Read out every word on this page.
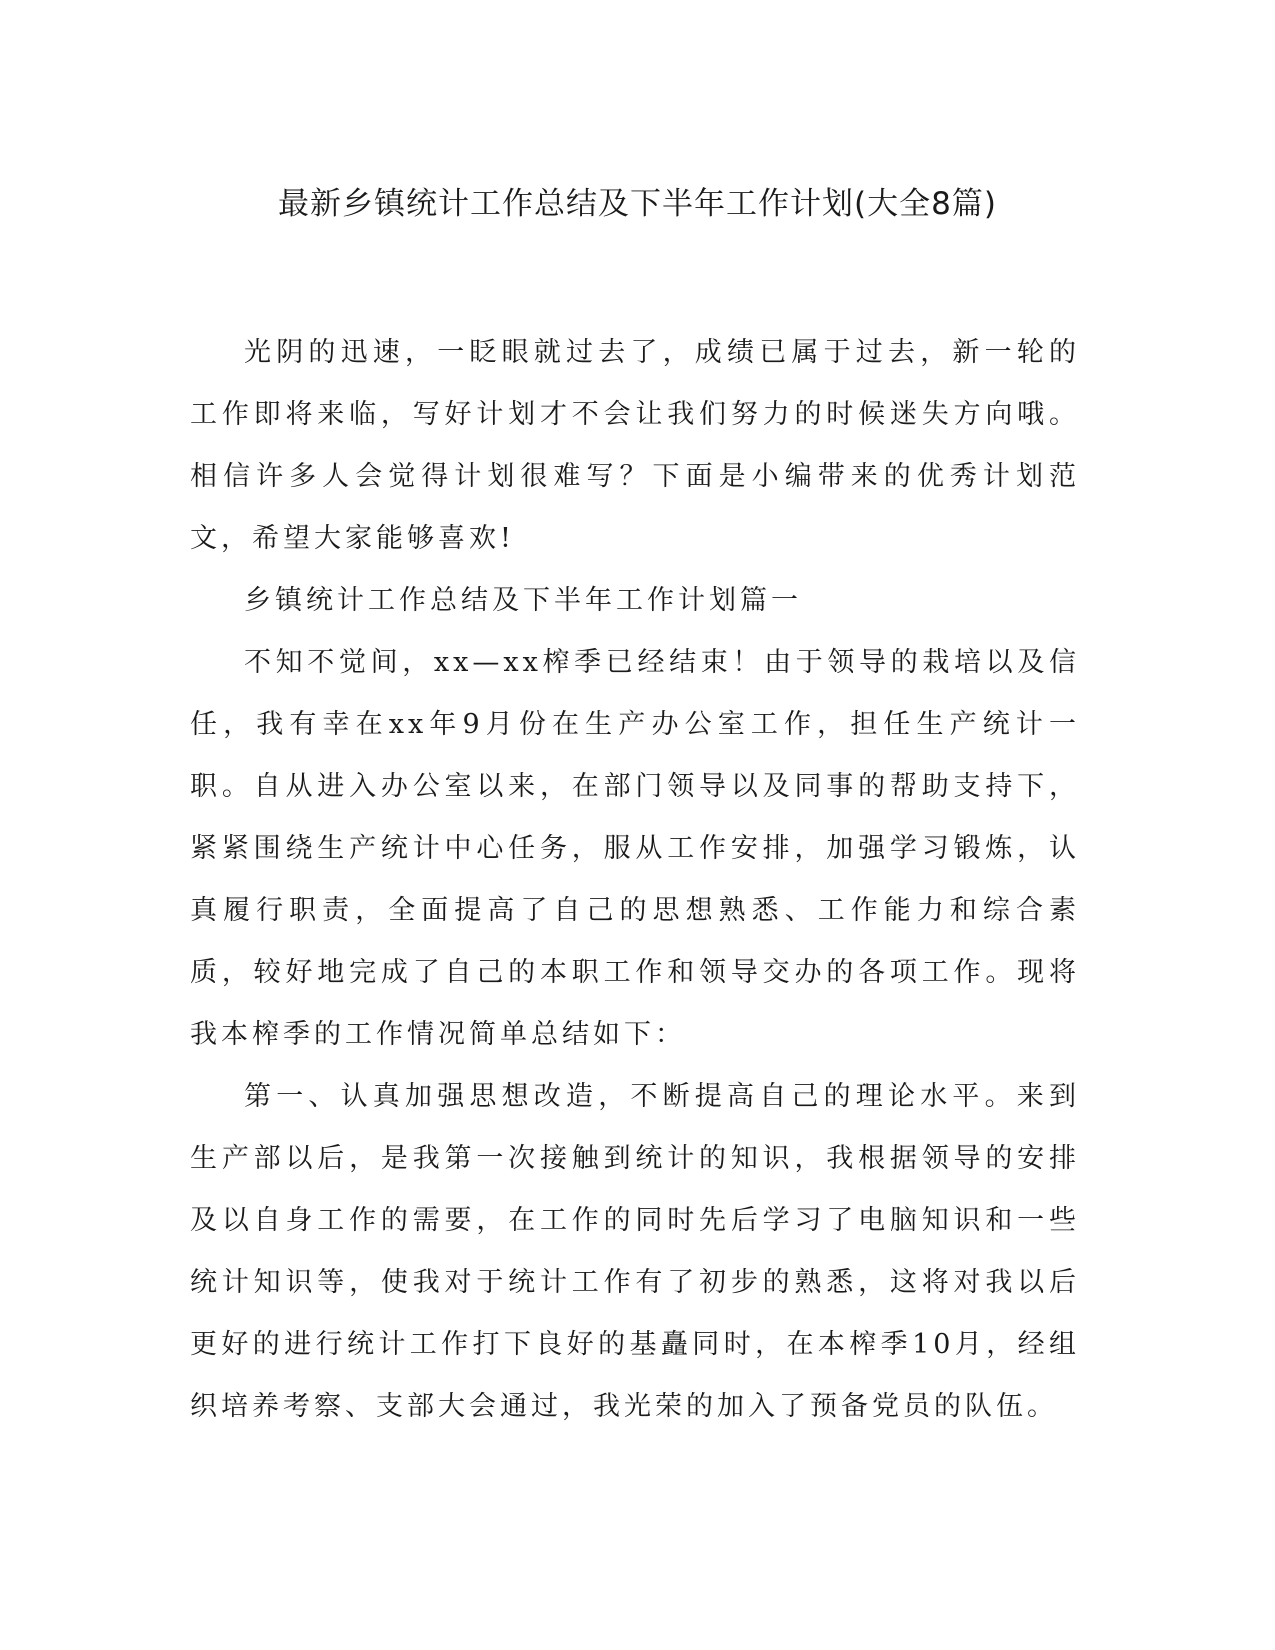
最新乡镇统计工作总结及下半年工作计划(大全8篇)

光阴的迅速，一眨眼就过去了，成绩已属于过去，新一轮的工作即将来临，写好计划才不会让我们努力的时候迷失方向哦。相信许多人会觉得计划很难写？下面是小编带来的优秀计划范文，希望大家能够喜欢!

乡镇统计工作总结及下半年工作计划篇一

不知不觉间，xx—xx榨季已经结束！由于领导的栽培以及信任，我有幸在xx年9月份在生产办公室工作，担任生产统计一职。自从进入办公室以来，在部门领导以及同事的帮助支持下，紧紧围绕生产统计中心任务，服从工作安排，加强学习锻炼，认真履行职责，全面提高了自己的思想熟悉、工作能力和综合素质，较好地完成了自己的本职工作和领导交办的各项工作。现将我本榨季的工作情况简单总结如下：

第一、认真加强思想改造，不断提高自己的理论水平。来到生产部以后，是我第一次接触到统计的知识，我根据领导的安排及以自身工作的需要，在工作的同时先后学习了电脑知识和一些统计知识等，使我对于统计工作有了初步的熟悉，这将对我以后更好的进行统计工作打下良好的基矗同时，在本榨季10月，经组织培养考察、支部大会通过，我光荣的加入了预备党员的队伍。
